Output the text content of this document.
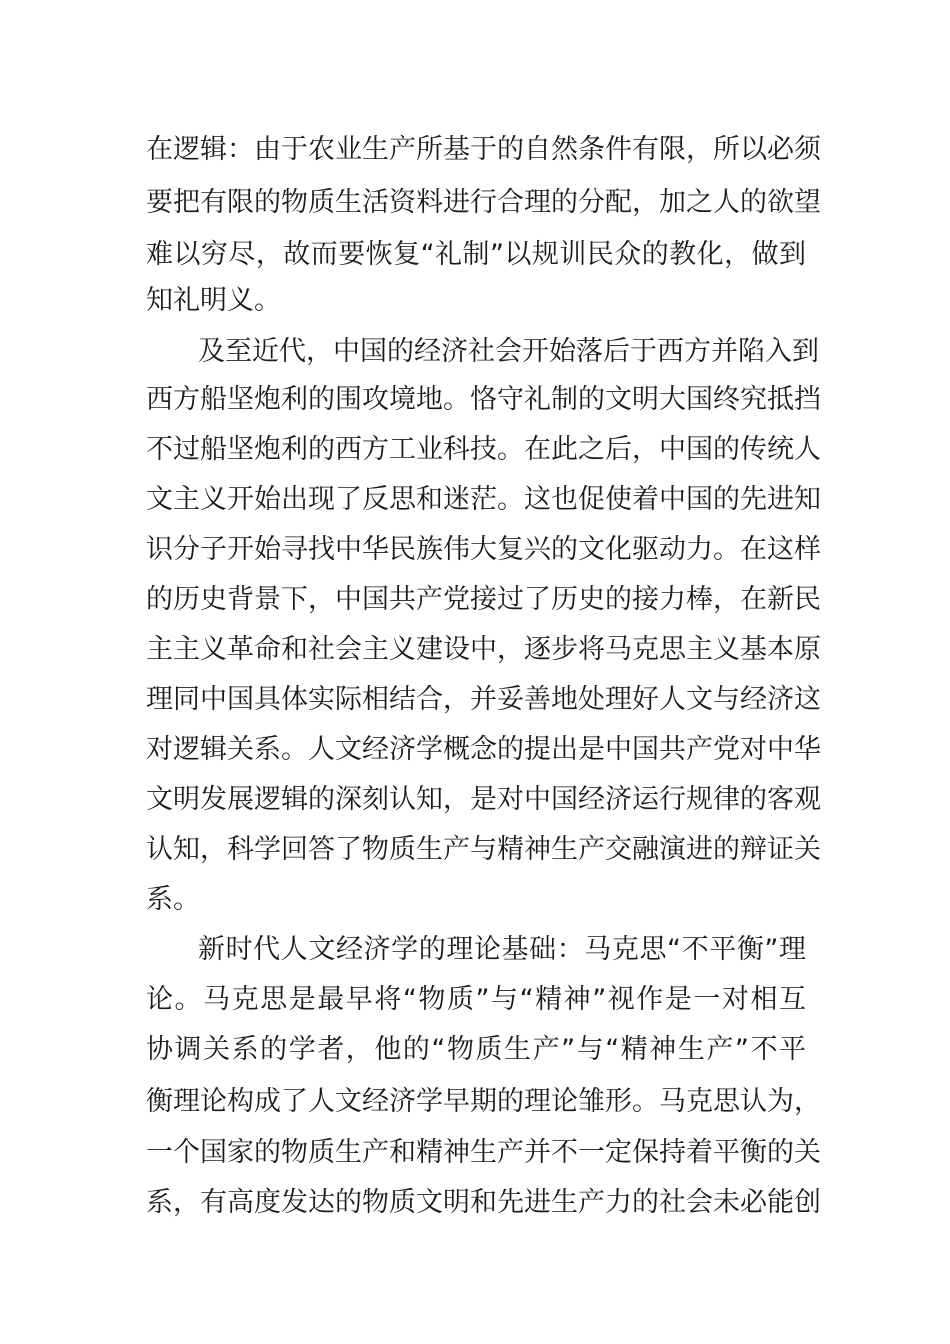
在逻辑：由于农业生产所基于的自然条件有限，所以必须
要把有限的物质生活资料进行合理的分配，加之人的欲望
难以穷尽，故而要恢复“礼制”以规训民众的教化，做到
知礼明义。
及至近代，中国的经济社会开始落后于西方并陷入到
西方船坚炮利的围攻境地。恪守礼制的文明大国终究抵挡
不过船坚炮利的西方工业科技。在此之后，中国的传统人
文主义开始出现了反思和迷茫。这也促使着中国的先进知
识分子开始寻找中华民族伟大复兴的文化驱动力。在这样
的历史背景下，中国共产党接过了历史的接力棒，在新民
主主义革命和社会主义建设中，逐步将马克思主义基本原
理同中国具体实际相结合，并妥善地处理好人文与经济这
对逻辑关系。人文经济学概念的提出是中国共产党对中华
文明发展逻辑的深刻认知，是对中国经济运行规律的客观
认知，科学回答了物质生产与精神生产交融演进的辩证关
系。
新时代人文经济学的理论基础：马克思“不平衡”理
论。马克思是最早将“物质”与“精神”视作是一对相互
协调关系的学者，他的“物质生产”与“精神生产”不平
衡理论构成了人文经济学早期的理论雏形。马克思认为，
一个国家的物质生产和精神生产并不一定保持着平衡的关
系，有高度发达的物质文明和先进生产力的社会未必能创
